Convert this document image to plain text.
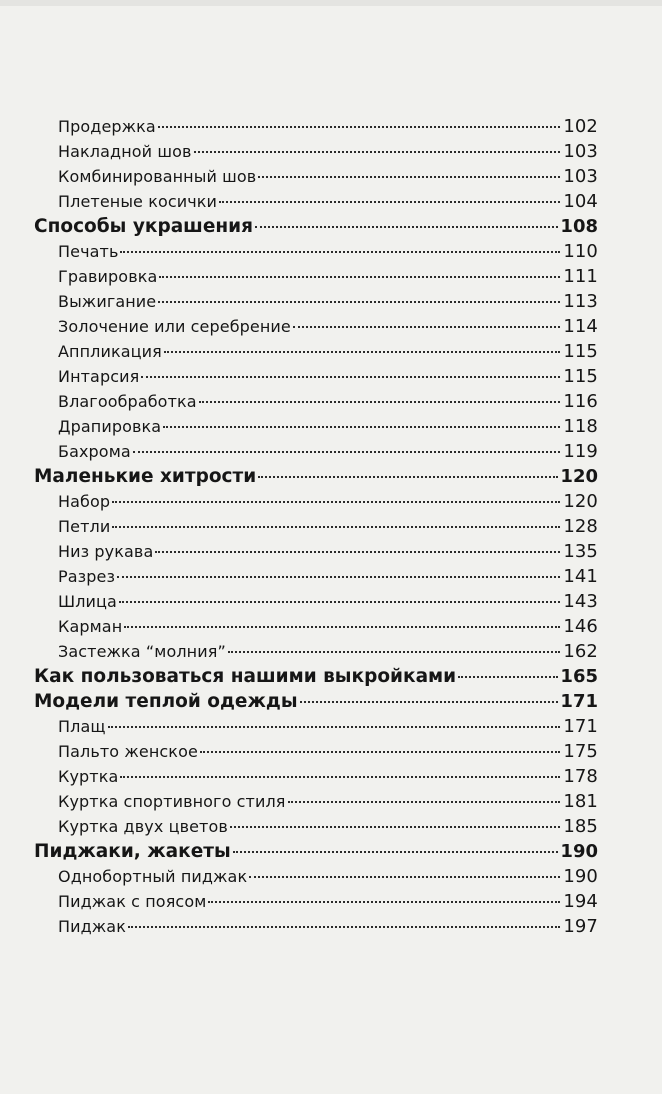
Продержка	102
Накладной шов	103
Комбинированный шов	103
Плетеные косички	104
Способы украшения	108
Печать	110
Гравировка	111
Выжигание	113
Золочение или серебрение	114
Аппликация	115
Интарсия	115
Влагообработка	116
Драпировка	118
Бахрома	119
Маленькие хитрости	120
Набор	120
Петли	128
Низ рукава	135
Разрез	141
Шлица	143
Карман	146
Застежка “молния”	162
Как пользоваться нашими выкройками	165
Модели теплой одежды	171
Плащ	171
Пальто женское	175
Куртка	178
Куртка спортивного стиля	181
Куртка двух цветов	185
Пиджаки, жакеты	190
Однобортный пиджак	190
Пиджак с поясом	194
Пиджак	197
